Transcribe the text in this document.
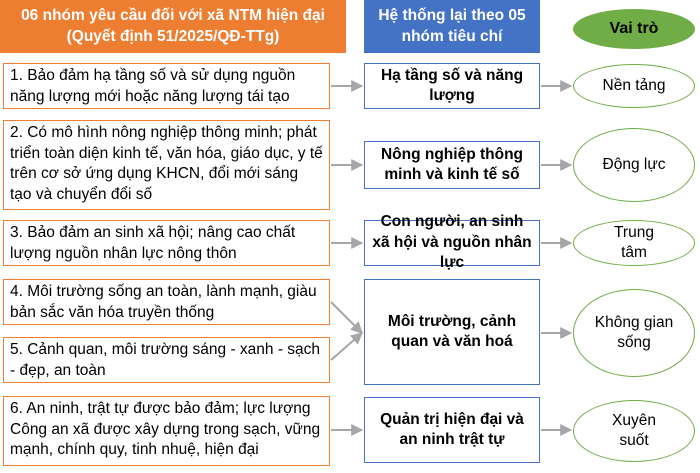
06 nhóm yêu cầu đối với xã NTM hiện đại (Quyết định 51/2025/QĐ-TTg)
Hệ thống lại theo 05 nhóm tiêu chí	Vai trò
1. Bảo đảm hạ tầng số và sử dụng nguồn năng lượng mới hoặc năng lượng tái tạo
2. Có mô hình nông nghiệp thông minh; phát triển toàn diện kinh tế, văn hóa, giáo dục, y tế trên cơ sở ứng dụng KHCN, đổi mới sáng tạo và chuyển đổi số
3. Bảo đảm an sinh xã hội; nâng cao chất lượng nguồn nhân lực nông thôn
4. Môi trường sống an toàn, lành mạnh, giàu bản sắc văn hóa truyền thống
5. Cảnh quan, môi trường sáng - xanh - sạch - đẹp, an toàn
6. An ninh, trật tự được bảo đảm; lực lượng Công an xã được xây dựng trong sạch, vững mạnh, chính quy, tinh nhuệ, hiện đại
Hạ tầng số và năng lượng
Nông nghiệp thông minh và kinh tế số
Con người, an sinh xã hội và nguồn nhân lực
Môi trường, cảnh quan và văn hoá
Quản trị hiện đại và an ninh trật tự
Nền tảng
Động lực
Trung tâm
Không gian sống
Xuyên suốt
